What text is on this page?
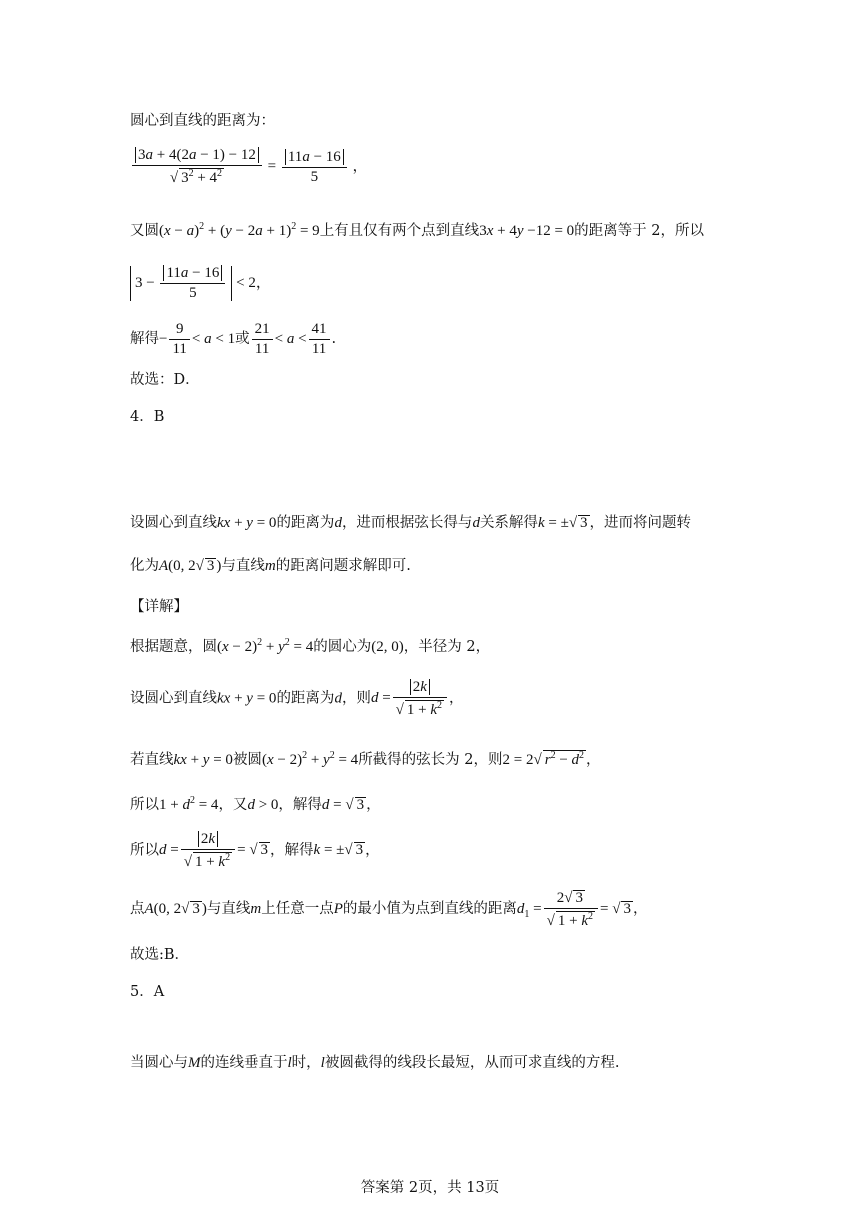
圆心到直线的距离为：
$\frac{3a + 4(2a - 1) - 12}{√ 3^2 + 4^2} = \frac{11a - 16}{5}$ ，
又圆$(x - a)^2 + (y - 2a + 1)^2 = 9$上有且仅有两个点到直线3x + 4y −12 = 0的距离等于 2，所以
$3 - \frac{11a - 16}{5} < 2$，
解得− $\frac{9}{11} < a < 1$或 $\frac{21}{11} < a < \frac{41}{11}$ .
故选：D．
4．B
设圆心到直线kx + y = 0的距离为d，进而根据弦长得与d关系解得k = ±√ 3 ，进而将问题转
化为A(0, 2√ 3 )与直线m的距离问题求解即可.
【详解】
根据题意，圆$(x - 2)^2 + y^2 = 4$的圆心为(2, 0)，半径为 2，
设圆心到直线kx + y = 0的距离为d，则$d = \frac{2k}{√ 1 + k^2}$ ，
若直线kx + y = 0被圆$(x - 2)^2 + y^2 = 4$所截得的弦长为 2，则2 = 2√ $r^2 - d^2$ ，
所以$1 + d^2 = 4$，又d > 0，解得d = √ 3 ，
所以$d = \frac{2k}{√ 1 + k^2}$ = √ 3 ，解得k = ±√ 3 ，
点A(0, 2√ 3 )与直线m上任意一点P的最小值为点到直线的距离$d_1 = \frac{2√ 3}{√ 1 + k^2}$ = √ 3 ，
故选:B．
5．A
当圆心与M的连线垂直于l时，l被圆截得的线段长最短，从而可求直线的方程.
答案第 2页，共 13页
